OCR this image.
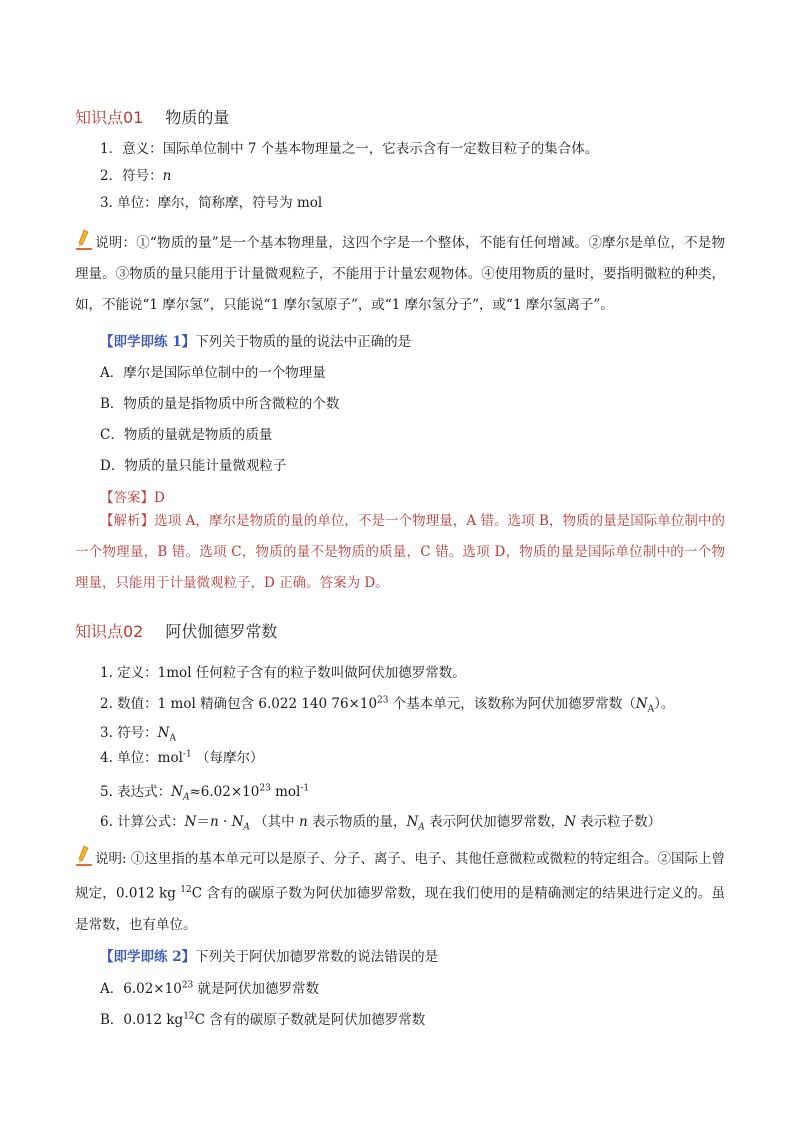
知识点01 物质的量
1．意义：国际单位制中 7 个基本物理量之一，它表示含有一定数目粒子的集合体。
2．符号：n
3. 单位：摩尔，简称摩，符号为 mol
说明：①“物质的量”是一个基本物理量，这四个字是一个整体，不能有任何增减。②摩尔是单位，不是物理量。③物质的量只能用于计量微观粒子，不能用于计量宏观物体。④使用物质的量时，要指明微粒的种类，如，不能说“1 摩尔氢”，只能说“1 摩尔氢原子”，或“1 摩尔氢分子”，或“1 摩尔氢离子”。
【即学即练 1】下列关于物质的量的说法中正确的是
A．摩尔是国际单位制中的一个物理量
B．物质的量是指物质中所含微粒的个数
C．物质的量就是物质的质量
D．物质的量只能计量微观粒子
【答案】D
【解析】选项 A，摩尔是物质的量的单位，不是一个物理量，A 错。选项 B，物质的量是国际单位制中的一个物理量，B 错。选项 C，物质的量不是物质的质量，C 错。选项 D，物质的量是国际单位制中的一个物理量，只能用于计量微观粒子，D 正确。答案为 D。
知识点02 阿伏伽德罗常数
1. 定义：1mol 任何粒子含有的粒子数叫做阿伏加德罗常数。
2. 数值：1 mol 精确包含 6.022 140 $76\times 10^{23}$ 个基本单元，该数称为阿伏加德罗常数$(N_A)$。
3. 符号：$N_A$
4. 单位：mol$^{-1}$ （每摩尔）
5. 表达式：$N_A\approx 6.02\times 10^{23}$ mol$^{-1}$
6. 计算公式：$N=n \cdot N_A$ （其中 n 表示物质的量，$N_A$ 表示阿伏加德罗常数，N 表示粒子数）
说明: ①这里指的基本单元可以是原子、分子、离子、电子、其他任意微粒或微粒的特定组合。②国际上曾规定，0.012 kg $^{12}$C 含有的碳原子数为阿伏加德罗常数，现在我们使用的是精确测定的结果进行定义的。虽是常数，也有单位。
【即学即练 2】下列关于阿伏加德罗常数的说法错误的是
A．$6.02\times 10^{23}$ 就是阿伏加德罗常数
B．0.012 $kg^{12}C$ 含有的碳原子数就是阿伏加德罗常数
